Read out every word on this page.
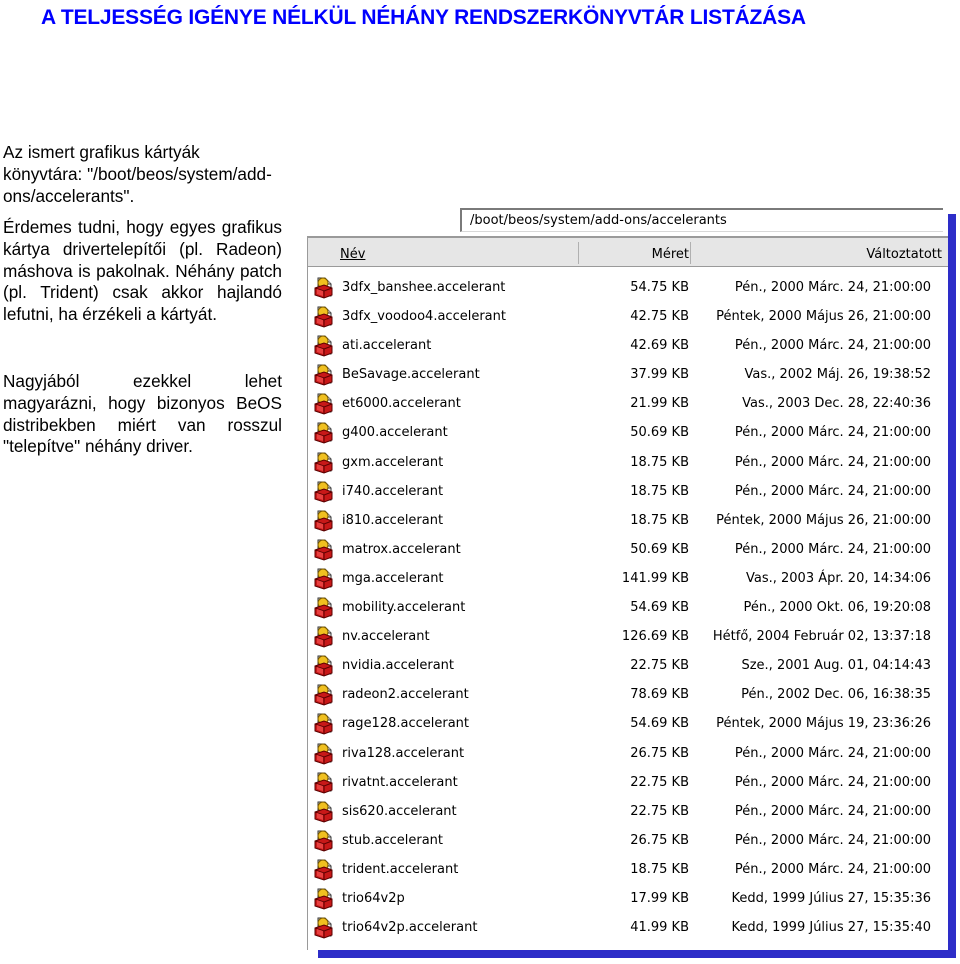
A TELJESSÉG IGÉNYE NÉLKÜL NÉHÁNY RENDSZERKÖNYVTÁR LISTÁZÁSA
Az ismert grafikus kártyák könyvtára: "/boot/beos/system/add-ons/accelerants".
Érdemes tudni, hogy egyes grafikus kártya drivertelepítői (pl. Radeon) máshova is pakolnak. Néhány patch (pl. Trident) csak akkor hajlandó lefutni, ha érzékeli a kártyát.
Nagyjából ezekkel lehet magyarázni, hogy bizonyos BeOS distribekben miért van rosszul "telepítve" néhány driver.
/boot/beos/system/add-ons/accelerants
Név	Méret	Változtatott
3dfx_banshee.accelerant	54.75 KB	Pén., 2000 Márc. 24, 21:00:00
3dfx_voodoo4.accelerant	42.75 KB	Péntek, 2000 Május 26, 21:00:00
ati.accelerant	42.69 KB	Pén., 2000 Márc. 24, 21:00:00
BeSavage.accelerant	37.99 KB	Vas., 2002 Máj. 26, 19:38:52
et6000.accelerant	21.99 KB	Vas., 2003 Dec. 28, 22:40:36
g400.accelerant	50.69 KB	Pén., 2000 Márc. 24, 21:00:00
gxm.accelerant	18.75 KB	Pén., 2000 Márc. 24, 21:00:00
i740.accelerant	18.75 KB	Pén., 2000 Márc. 24, 21:00:00
i810.accelerant	18.75 KB	Péntek, 2000 Május 26, 21:00:00
matrox.accelerant	50.69 KB	Pén., 2000 Márc. 24, 21:00:00
mga.accelerant	141.99 KB	Vas., 2003 Ápr. 20, 14:34:06
mobility.accelerant	54.69 KB	Pén., 2000 Okt. 06, 19:20:08
nv.accelerant	126.69 KB	Hétfő, 2004 Február 02, 13:37:18
nvidia.accelerant	22.75 KB	Sze., 2001 Aug. 01, 04:14:43
radeon2.accelerant	78.69 KB	Pén., 2002 Dec. 06, 16:38:35
rage128.accelerant	54.69 KB	Péntek, 2000 Május 19, 23:36:26
riva128.accelerant	26.75 KB	Pén., 2000 Márc. 24, 21:00:00
rivatnt.accelerant	22.75 KB	Pén., 2000 Márc. 24, 21:00:00
sis620.accelerant	22.75 KB	Pén., 2000 Márc. 24, 21:00:00
stub.accelerant	26.75 KB	Pén., 2000 Márc. 24, 21:00:00
trident.accelerant	18.75 KB	Pén., 2000 Márc. 24, 21:00:00
trio64v2p	17.99 KB	Kedd, 1999 Július 27, 15:35:36
trio64v2p.accelerant	41.99 KB	Kedd, 1999 Július 27, 15:35:40
